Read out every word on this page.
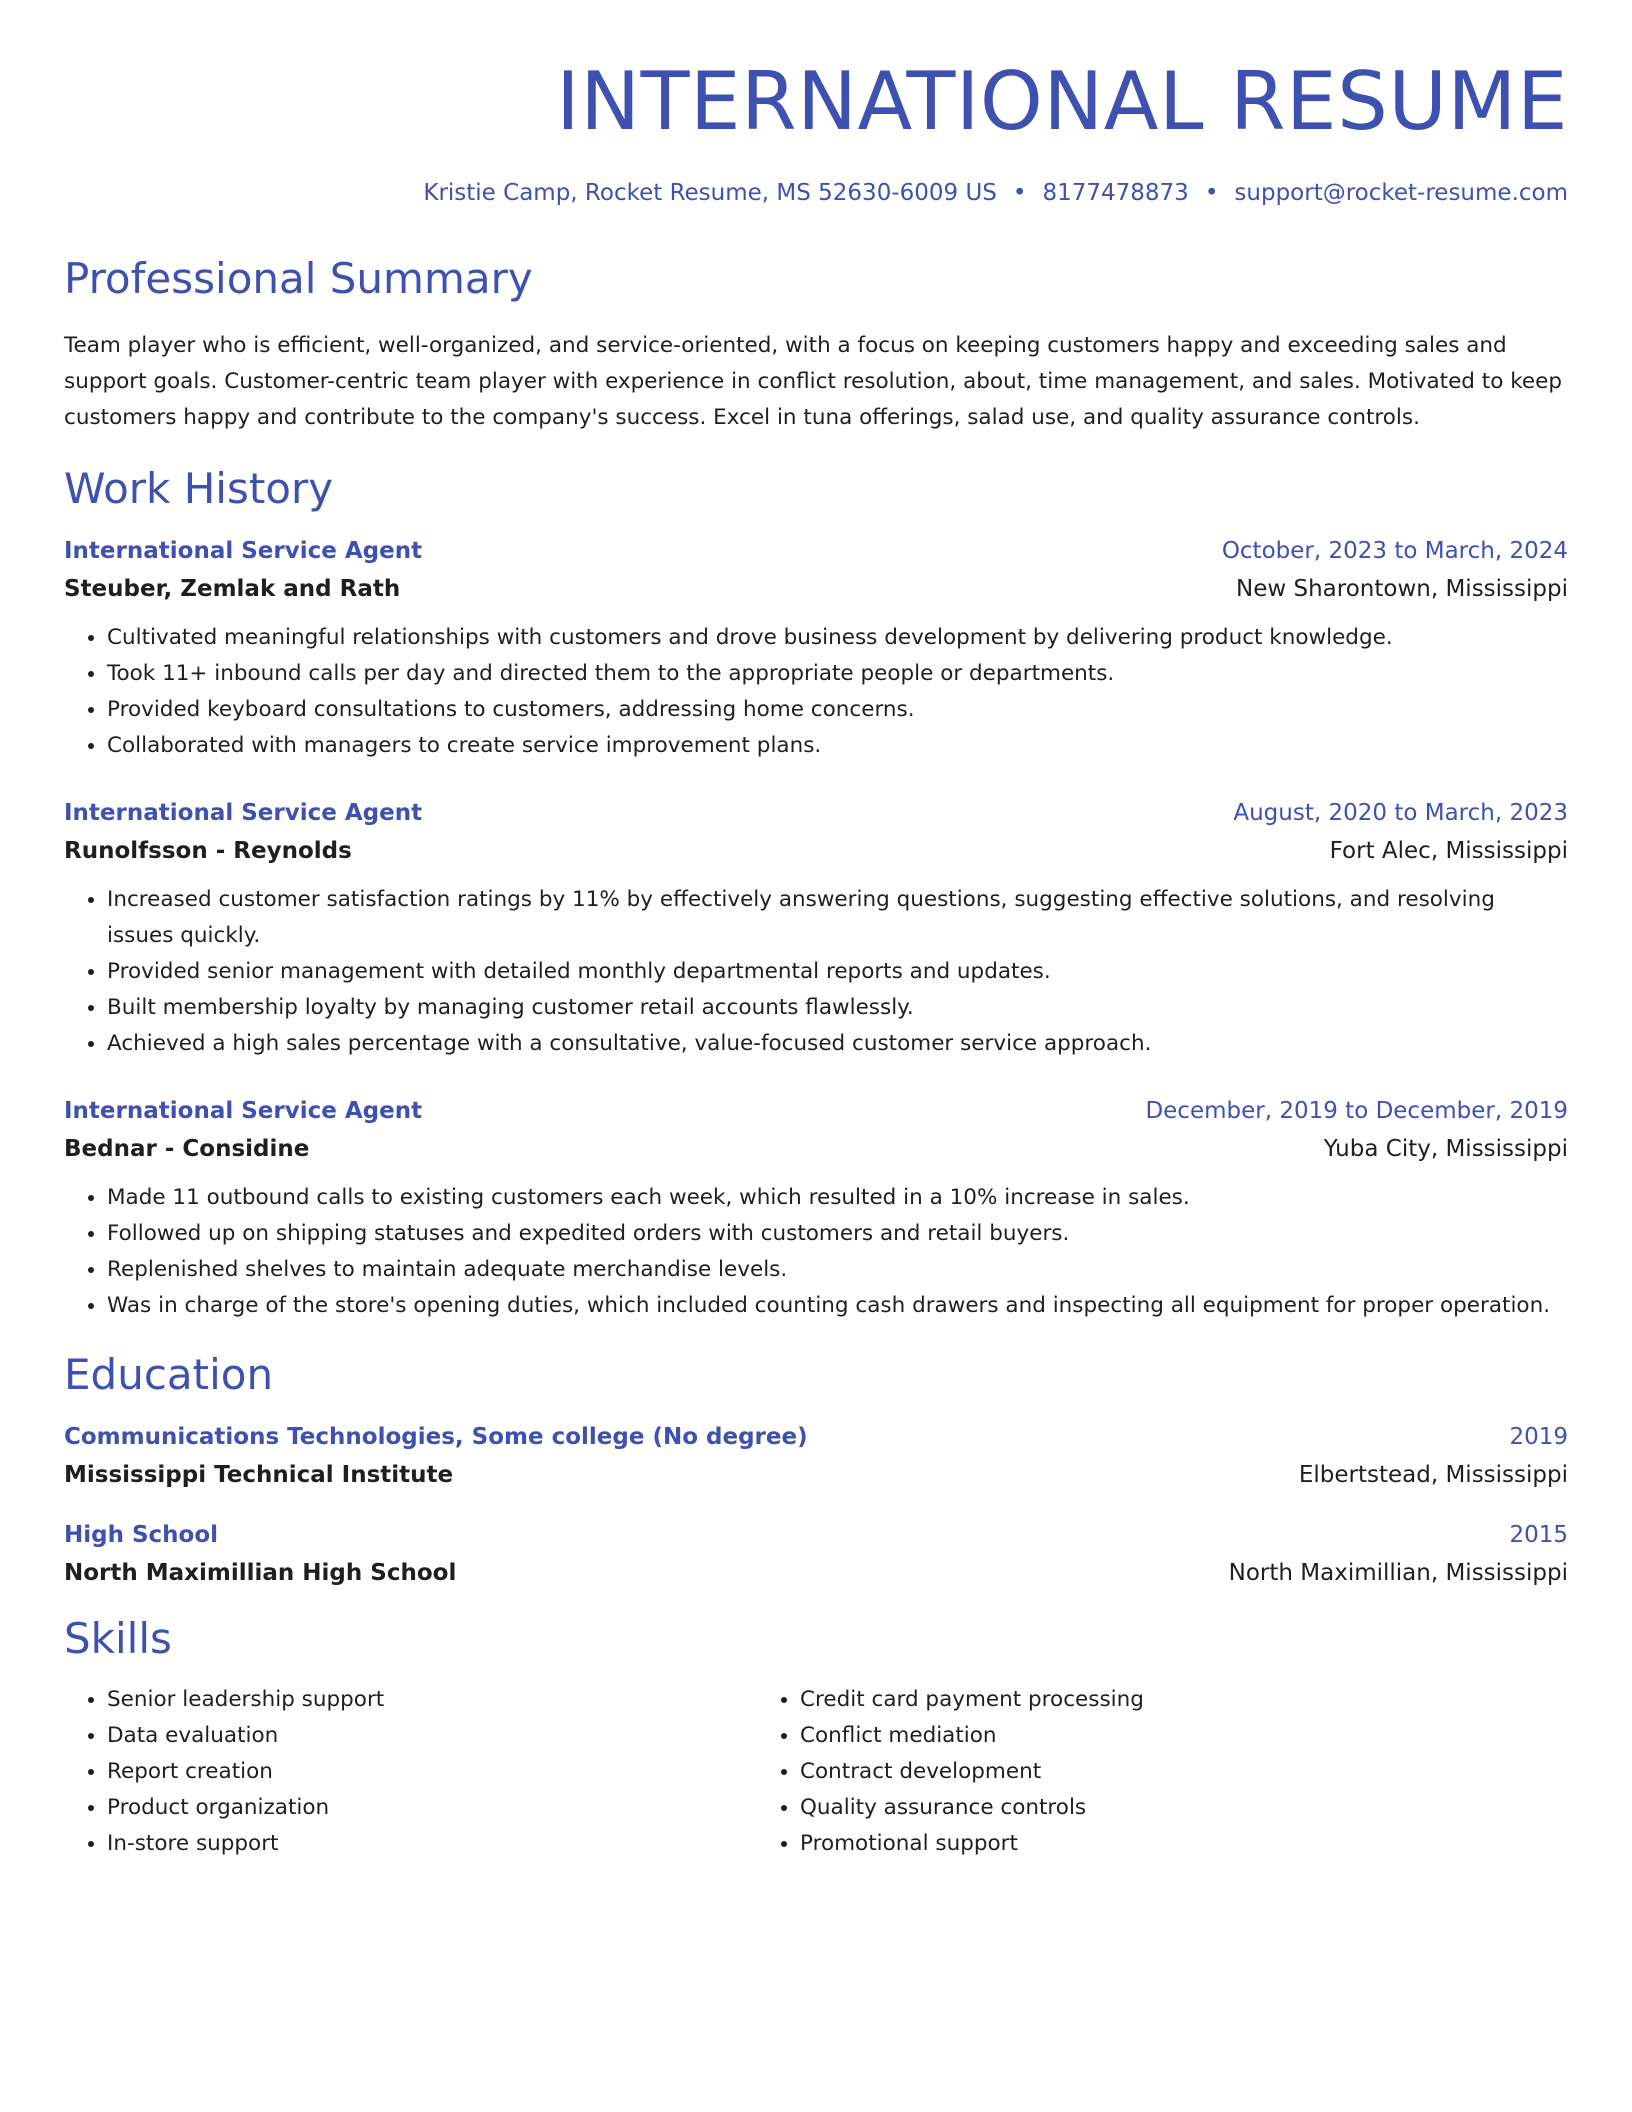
INTERNATIONAL RESUME
Kristie Camp, Rocket Resume, MS 52630-6009 US • 8177478873 • support@rocket-resume.com
Professional Summary
Team player who is efficient, well-organized, and service-oriented, with a focus on keeping customers happy and exceeding sales and support goals. Customer-centric team player with experience in conflict resolution, about, time management, and sales. Motivated to keep customers happy and contribute to the company's success. Excel in tuna offerings, salad use, and quality assurance controls.
Work History
International Service Agent	October, 2023 to March, 2024
Steuber, Zemlak and Rath	New Sharontown, Mississippi
• Cultivated meaningful relationships with customers and drove business development by delivering product knowledge.
• Took 11+ inbound calls per day and directed them to the appropriate people or departments.
• Provided keyboard consultations to customers, addressing home concerns.
• Collaborated with managers to create service improvement plans.
International Service Agent	August, 2020 to March, 2023
Runolfsson - Reynolds	Fort Alec, Mississippi
• Increased customer satisfaction ratings by 11% by effectively answering questions, suggesting effective solutions, and resolving issues quickly.
• Provided senior management with detailed monthly departmental reports and updates.
• Built membership loyalty by managing customer retail accounts flawlessly.
• Achieved a high sales percentage with a consultative, value-focused customer service approach.
International Service Agent	December, 2019 to December, 2019
Bednar - Considine	Yuba City, Mississippi
• Made 11 outbound calls to existing customers each week, which resulted in a 10% increase in sales.
• Followed up on shipping statuses and expedited orders with customers and retail buyers.
• Replenished shelves to maintain adequate merchandise levels.
• Was in charge of the store's opening duties, which included counting cash drawers and inspecting all equipment for proper operation.
Education
Communications Technologies, Some college (No degree)	2019
Mississippi Technical Institute	Elbertstead, Mississippi
High School	2015
North Maximillian High School	North Maximillian, Mississippi
Skills
• Senior leadership support
• Data evaluation
• Report creation
• Product organization
• In-store support
• Credit card payment processing
• Conflict mediation
• Contract development
• Quality assurance controls
• Promotional support
